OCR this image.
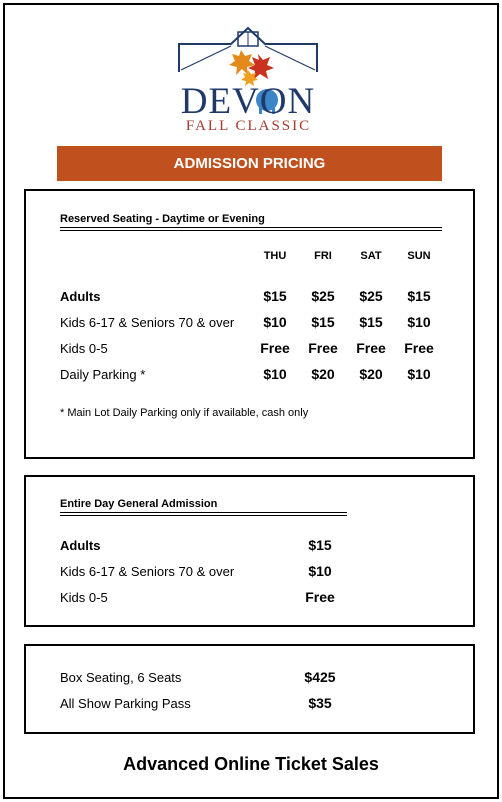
DEVON
FALL CLASSIC
ADMISSION PRICING
Reserved Seating - Daytime or Evening
THU	FRI	SAT	SUN
Adults	$15	$25	$25	$15
Kids 6-17 & Seniors 70 & over	$10	$15	$15	$10
Kids 0-5	Free	Free	Free	Free
Daily Parking *	$10	$20	$20	$10
* Main Lot Daily Parking only if available, cash only
Entire Day General Admission
Adults	$15
Kids 6-17 & Seniors 70 & over	$10
Kids 0-5	Free
Box Seating, 6 Seats	$425
All Show Parking Pass	$35
Advanced Online Ticket Sales
